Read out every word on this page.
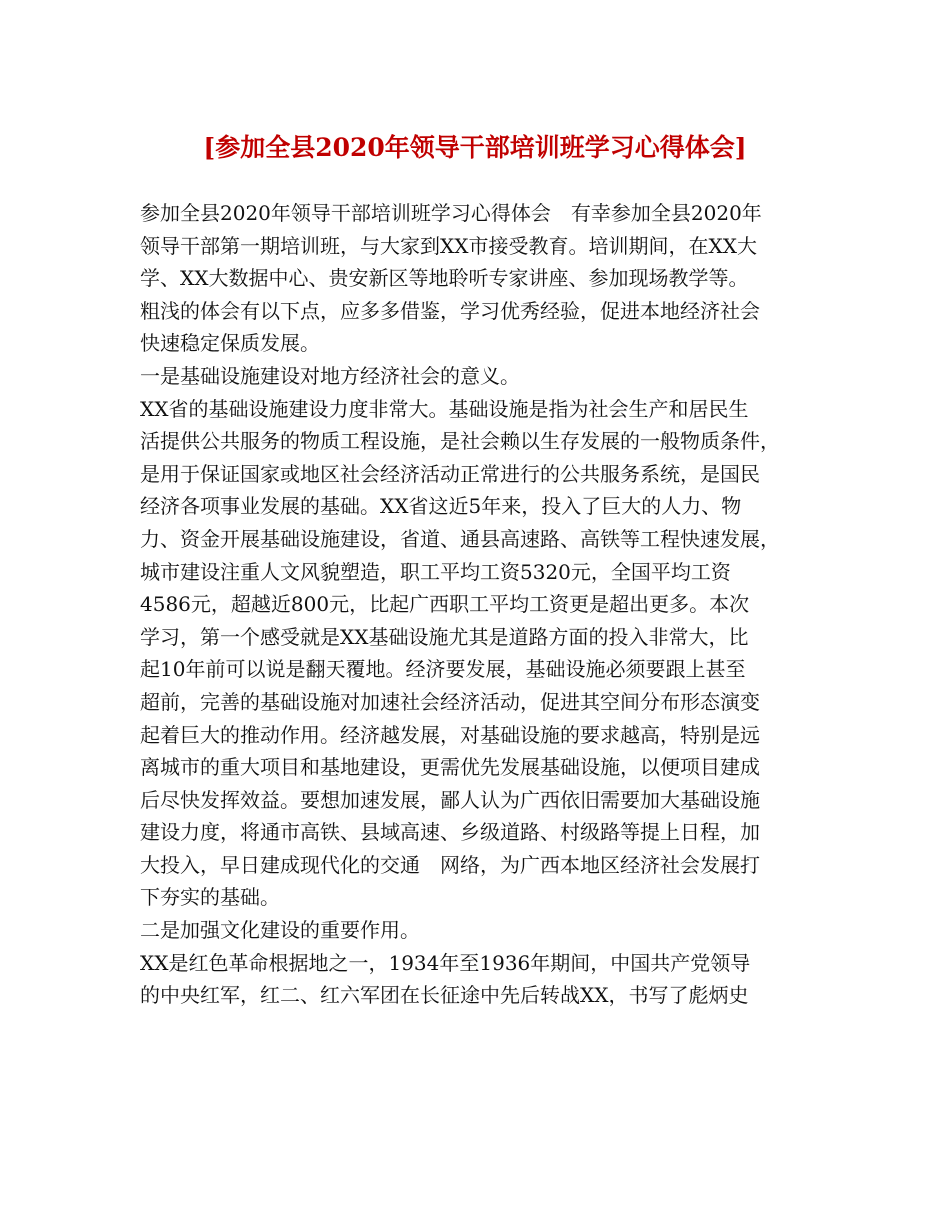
[参加全县2020年领导干部培训班学习心得体会]
参加全县2020年领导干部培训班学习心得体会　有幸参加全县2020年
领导干部第一期培训班，与大家到XX市接受教育。培训期间，在XX大
学、XX大数据中心、贵安新区等地聆听专家讲座、参加现场教学等。
粗浅的体会有以下点，应多多借鉴，学习优秀经验，促进本地经济社会
快速稳定保质发展。
一是基础设施建设对地方经济社会的意义。
XX省的基础设施建设力度非常大。基础设施是指为社会生产和居民生
活提供公共服务的物质工程设施，是社会赖以生存发展的一般物质条件，
是用于保证国家或地区社会经济活动正常进行的公共服务系统，是国民
经济各项事业发展的基础。XX省这近5年来，投入了巨大的人力、物
力、资金开展基础设施建设，省道、通县高速路、高铁等工程快速发展，
城市建设注重人文风貌塑造，职工平均工资5320元，全国平均工资
4586元，超越近800元，比起广西职工平均工资更是超出更多。本次
学习，第一个感受就是XX基础设施尤其是道路方面的投入非常大，比
起10年前可以说是翻天覆地。经济要发展，基础设施必须要跟上甚至
超前，完善的基础设施对加速社会经济活动，促进其空间分布形态演变
起着巨大的推动作用。经济越发展，对基础设施的要求越高，特别是远
离城市的重大项目和基地建设，更需优先发展基础设施，以便项目建成
后尽快发挥效益。要想加速发展，鄙人认为广西依旧需要加大基础设施
建设力度，将通市高铁、县域高速、乡级道路、村级路等提上日程，加
大投入，早日建成现代化的交通　网络，为广西本地区经济社会发展打
下夯实的基础。
二是加强文化建设的重要作用。
XX是红色革命根据地之一，1934年至1936年期间，中国共产党领导
的中央红军，红二、红六军团在长征途中先后转战XX，书写了彪炳史
